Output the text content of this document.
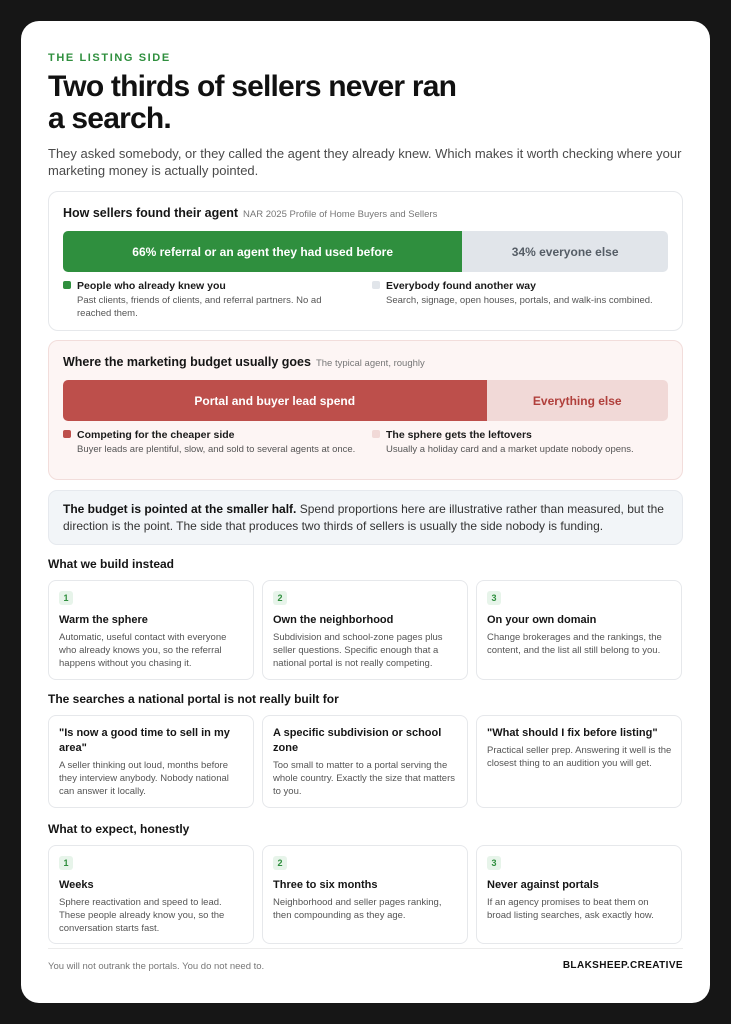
THE LISTING SIDE
Two thirds of sellers never ran a search.

They asked somebody, or they called the agent they already knew. Which makes it worth checking where your marketing money is actually pointed.

How sellers found their agent NAR 2025 Profile of Home Buyers and Sellers
66% referral or an agent they had used before	34% everyone else
People who already knew you
Past clients, friends of clients, and referral partners. No ad reached them.
Everybody found another way
Search, signage, open houses, portals, and walk-ins combined.
Where the marketing budget usually goes The typical agent, roughly
Portal and buyer lead spend	Everything else
Competing for the cheaper side
Buyer leads are plentiful, slow, and sold to several agents at once.
The sphere gets the leftovers
Usually a holiday card and a market update nobody opens.
The budget is pointed at the smaller half. Spend proportions here are illustrative rather than measured, but the direction is the point. The side that produces two thirds of sellers is usually the side nobody is funding.
What we build instead
1
Warm the sphere
Automatic, useful contact with everyone who already knows you, so the referral happens without you chasing it.
2
Own the neighborhood
Subdivision and school-zone pages plus seller questions. Specific enough that a national portal is not really competing.
3
On your own domain
Change brokerages and the rankings, the content, and the list all still belong to you.
The searches a national portal is not really built for
"Is now a good time to sell in my area"
A seller thinking out loud, months before they interview anybody. Nobody national can answer it locally.
A specific subdivision or school zone
Too small to matter to a portal serving the whole country. Exactly the size that matters to you.
"What should I fix before listing"
Practical seller prep. Answering it well is the closest thing to an audition you will get.
What to expect, honestly
1
Weeks
Sphere reactivation and speed to lead. These people already know you, so the conversation starts fast.
2
Three to six months
Neighborhood and seller pages ranking, then compounding as they age.
3
Never against portals
If an agency promises to beat them on broad listing searches, ask exactly how.
You will not outrank the portals. You do not need to.	BLAKSHEEP.CREATIVE
